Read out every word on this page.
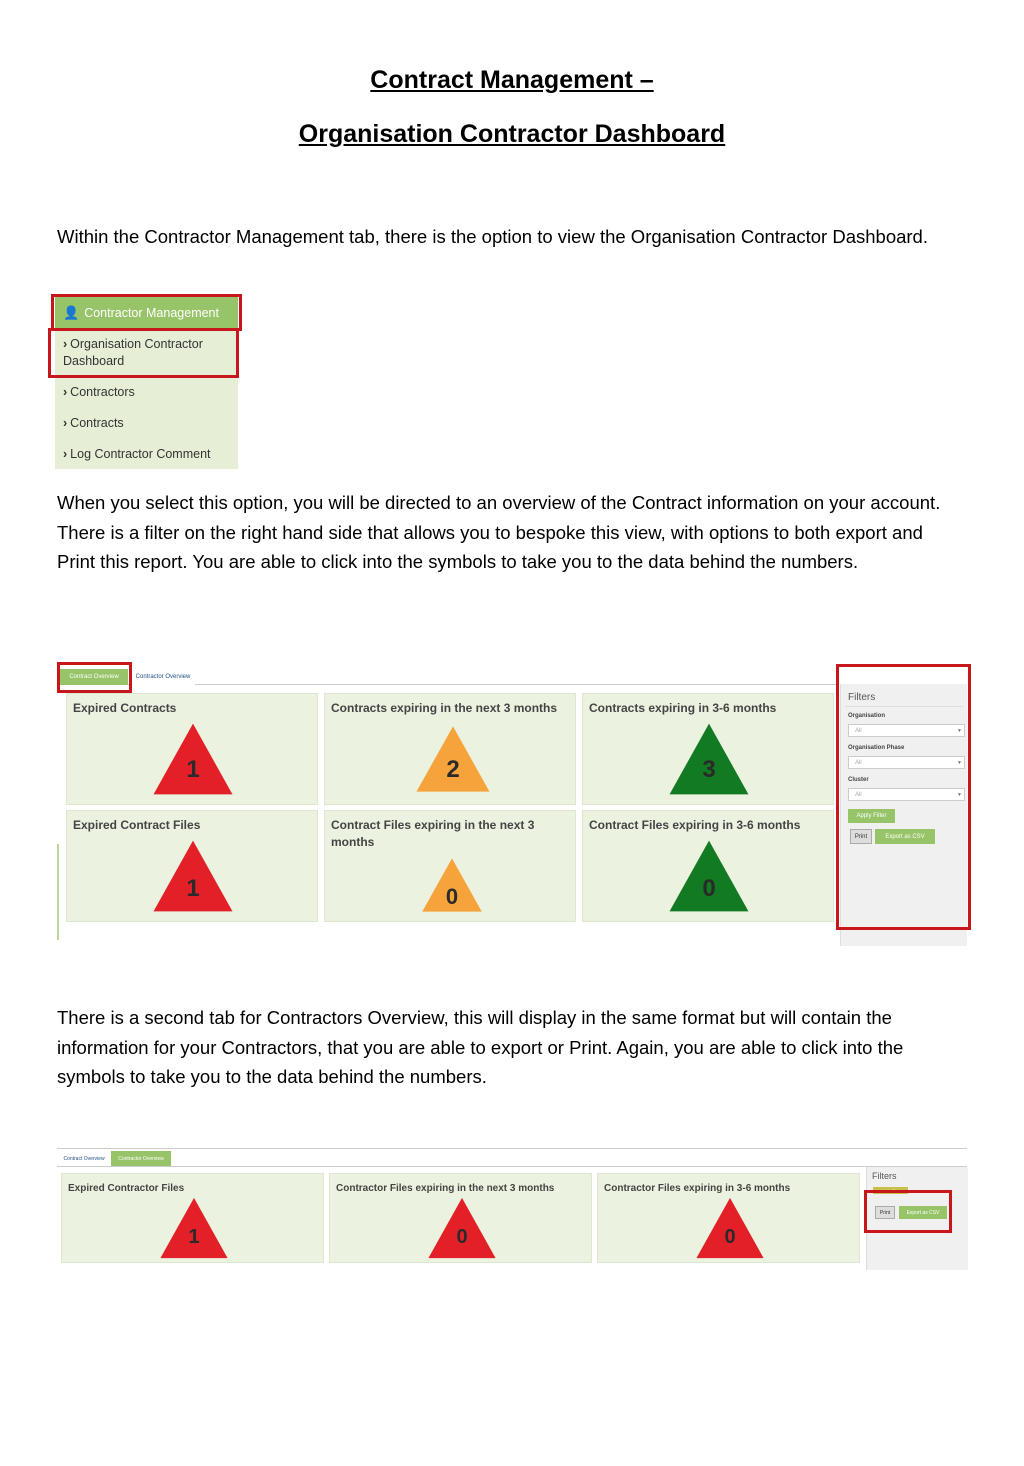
Contract Management –
Organisation Contractor Dashboard
Within the Contractor Management tab, there is the option to view the Organisation Contractor Dashboard.
👤 Contractor Management
› Organisation Contractor Dashboard
› Contractors
› Contracts
› Log Contractor Comment
When you select this option, you will be directed to an overview of the Contract information on your account. There is a filter on the right hand side that allows you to bespoke this view, with options to both export and Print this report. You are able to click into the symbols to take you to the data behind the numbers.
Contract Overview	Contractor Overview
Expired Contracts
1
Contracts expiring in the next 3 months
2
Contracts expiring in 3-6 months
3
Expired Contract Files
1
Contract Files expiring in the next 3 months
0
Contract Files expiring in 3-6 months
0
Filters
Organisation
All	▼
Organisation Phase
All	▼
Cluster
All	▼
Apply Filter
Print	Export as CSV
There is a second tab for Contractors Overview, this will display in the same format but will contain the information for your Contractors, that you are able to export or Print. Again, you are able to click into the symbols to take you to the data behind the numbers.
Contract Overview	Contractor Overview
Expired Contractor Files
1
Contractor Files expiring in the next 3 months
0
Contractor Files expiring in 3-6 months
0
Filters
Apply Filter
Print	Export as CSV
